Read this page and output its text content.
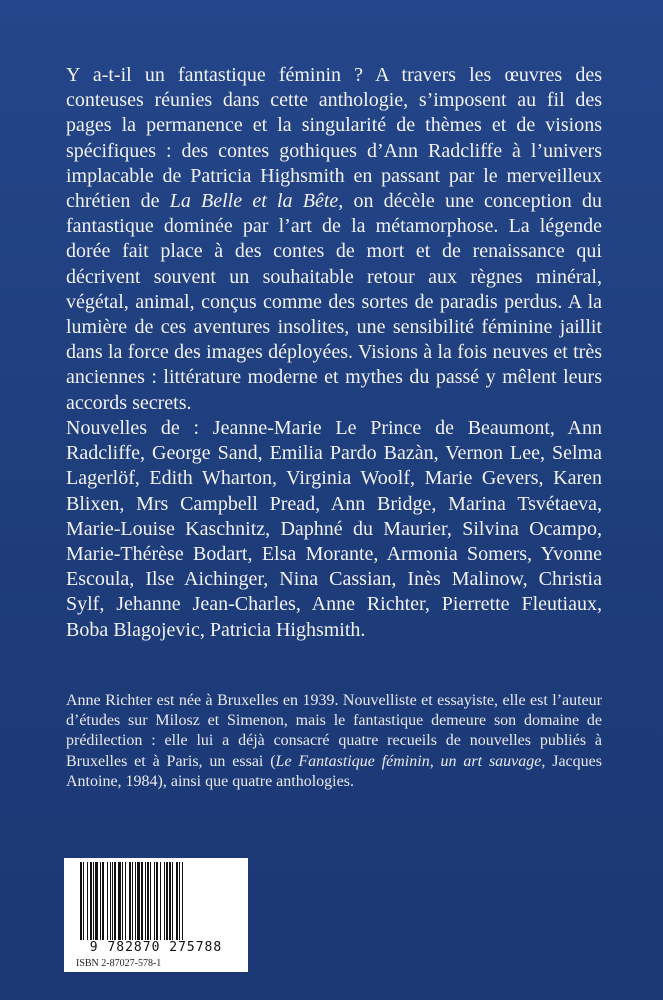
Y a-t-il un fantastique féminin ? A travers les œuvres des conteuses réunies dans cette anthologie, s’imposent au fil des pages la permanence et la singularité de thèmes et de visions spécifiques : des contes gothiques d’Ann Radcliffe à l’univers implacable de Patricia Highsmith en passant par le merveilleux chrétien de La Belle et la Bête, on décèle une conception du fantastique dominée par l’art de la métamorphose. La légende dorée fait place à des contes de mort et de renaissance qui décrivent souvent un souhaitable retour aux règnes minéral, végétal, animal, conçus comme des sortes de paradis perdus. A la lumière de ces aventures insolites, une sensibilité féminine jaillit dans la force des images déployées. Visions à la fois neuves et très anciennes : littérature moderne et mythes du passé y mêlent leurs accords secrets.

Nouvelles de : Jeanne-Marie Le Prince de Beaumont, Ann Radcliffe, George Sand, Emilia Pardo Bazàn, Vernon Lee, Selma Lagerlöf, Edith Wharton, Virginia Woolf, Marie Gevers, Karen Blixen, Mrs Campbell Pread, Ann Bridge, Marina Tsvétaeva, Marie-Louise Kaschnitz, Daphné du Maurier, Silvina Ocampo, Marie-Thérèse Bodart, Elsa Morante, Armonia Somers, Yvonne Escoula, Ilse Aichinger, Nina Cassian, Inès Malinow, Christia Sylf, Jehanne Jean-Charles, Anne Richter, Pierrette Fleutiaux, Boba Blagojevic, Patricia Highsmith.

Anne Richter est née à Bruxelles en 1939. Nouvelliste et essayiste, elle est l’auteur d’études sur Milosz et Simenon, mais le fantastique demeure son domaine de prédilection : elle lui a déjà consacré quatre recueils de nouvelles publiés à Bruxelles et à Paris, un essai (Le Fantastique féminin, un art sauvage, Jacques Antoine, 1984), ainsi que quatre anthologies.

9 782870 275788
ISBN 2-87027-578-1
